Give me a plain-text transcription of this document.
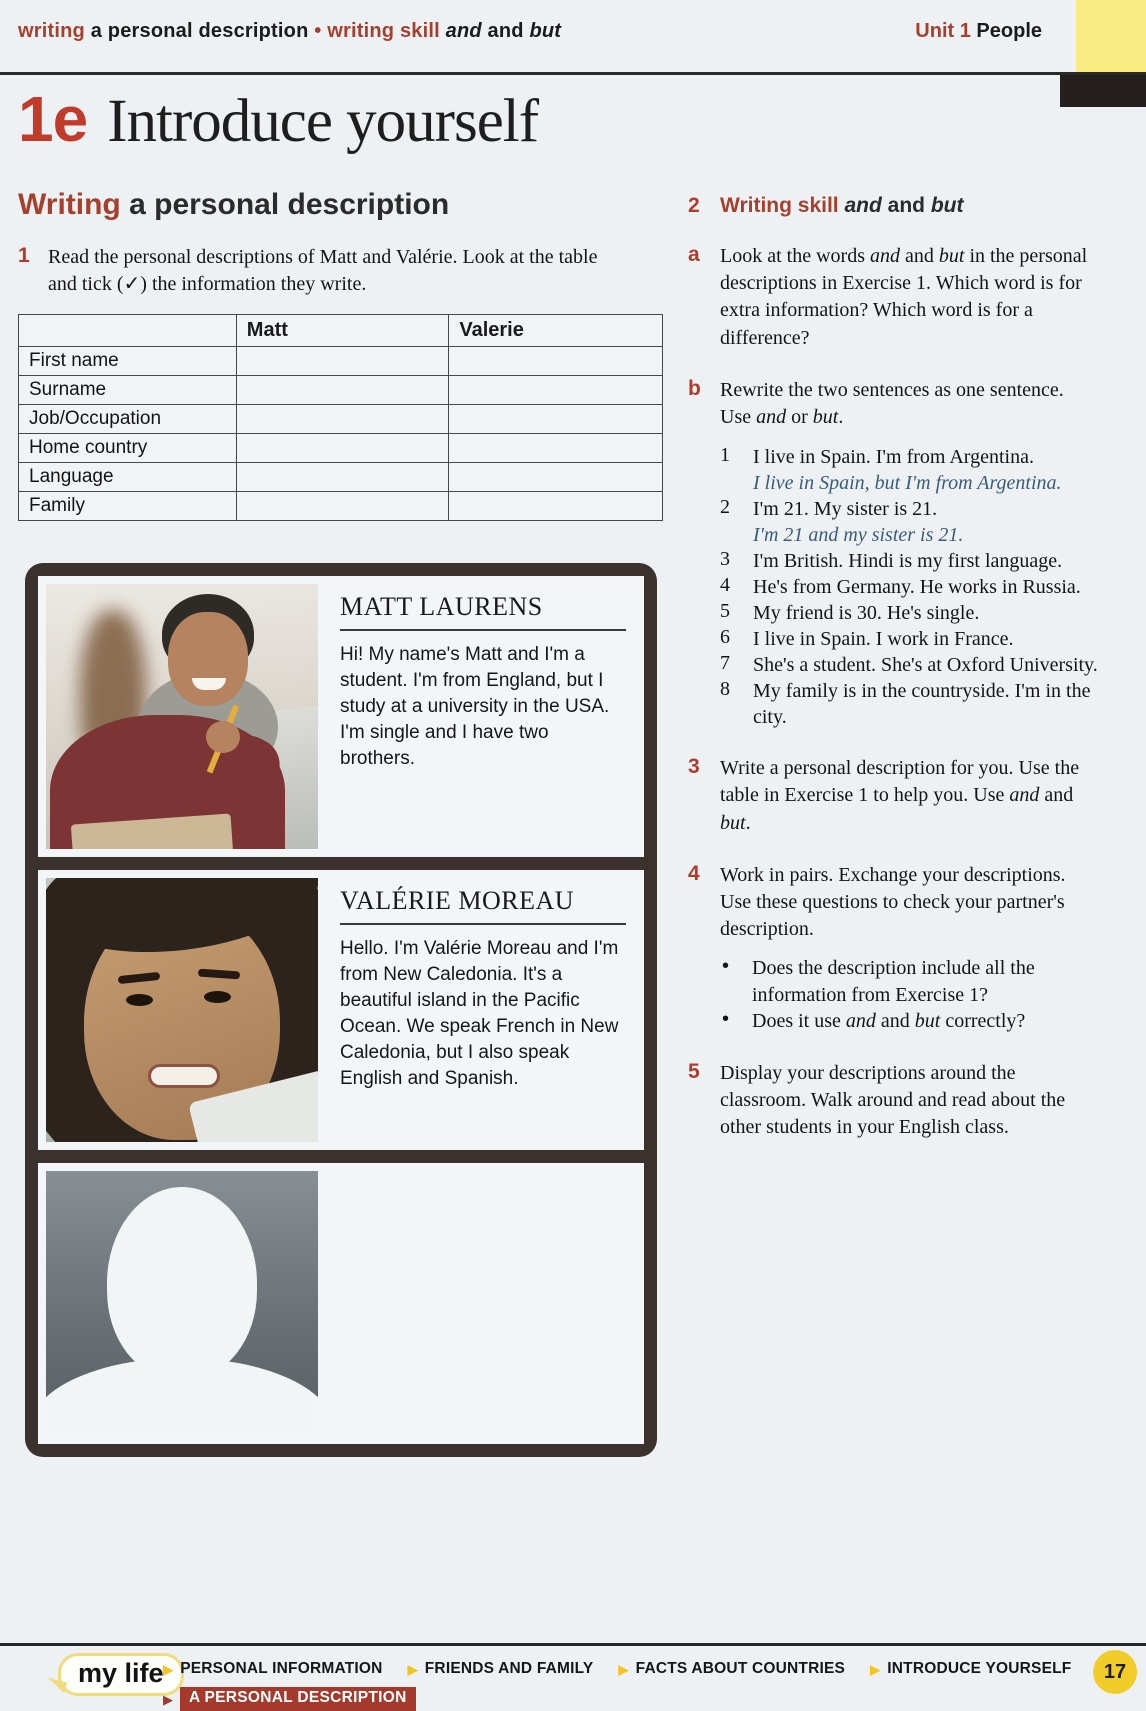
writing a personal description • writing skill and and but	Unit 1 People
1e Introduce yourself
Writing a personal description
1 Read the personal descriptions of Matt and Valérie. Look at the table and tick (✓) the information they write.
	Matt	Valerie
First name		
Surname		
Job/Occupation		
Home country		
Language		
Family		
MATT LAURENS
Hi! My name's Matt and I'm a student. I'm from England, but I study at a university in the USA. I'm single and I have two brothers.
VALÉRIE MOREAU
Hello. I'm Valérie Moreau and I'm from New Caledonia. It's a beautiful island in the Pacific Ocean. We speak French in New Caledonia, but I also speak English and Spanish.
2 Writing skill and and but
a	Look at the words and and but in the personal descriptions in Exercise 1. Which word is for extra information? Which word is for a difference?
b Rewrite the two sentences as one sentence. Use and or but.
1	I live in Spain. I'm from Argentina.
I live in Spain, but I'm from Argentina.
2	I'm 21. My sister is 21.
I'm 21 and my sister is 21.
3	I'm British. Hindi is my first language.
4	He's from Germany. He works in Russia.
5	My friend is 30. He's single.
6	I live in Spain. I work in France.
7	She's a student. She's at Oxford University.
8	My family is in the countryside. I'm in the city.
3	Write a personal description for you. Use the table in Exercise 1 to help you. Use and and but.
4	Work in pairs. Exchange your descriptions. Use these questions to check your partner's description.
•	Does the description include all the information from Exercise 1?
•	Does it use and and but correctly?
5	Display your descriptions around the classroom. Walk around and read about the other students in your English class.
my life ▶ PERSONAL INFORMATION ▶ FRIENDS AND FAMILY ▶ FACTS ABOUT COUNTRIES ▶ INTRODUCE YOURSELF
▶	A PERSONAL DESCRIPTION
17
